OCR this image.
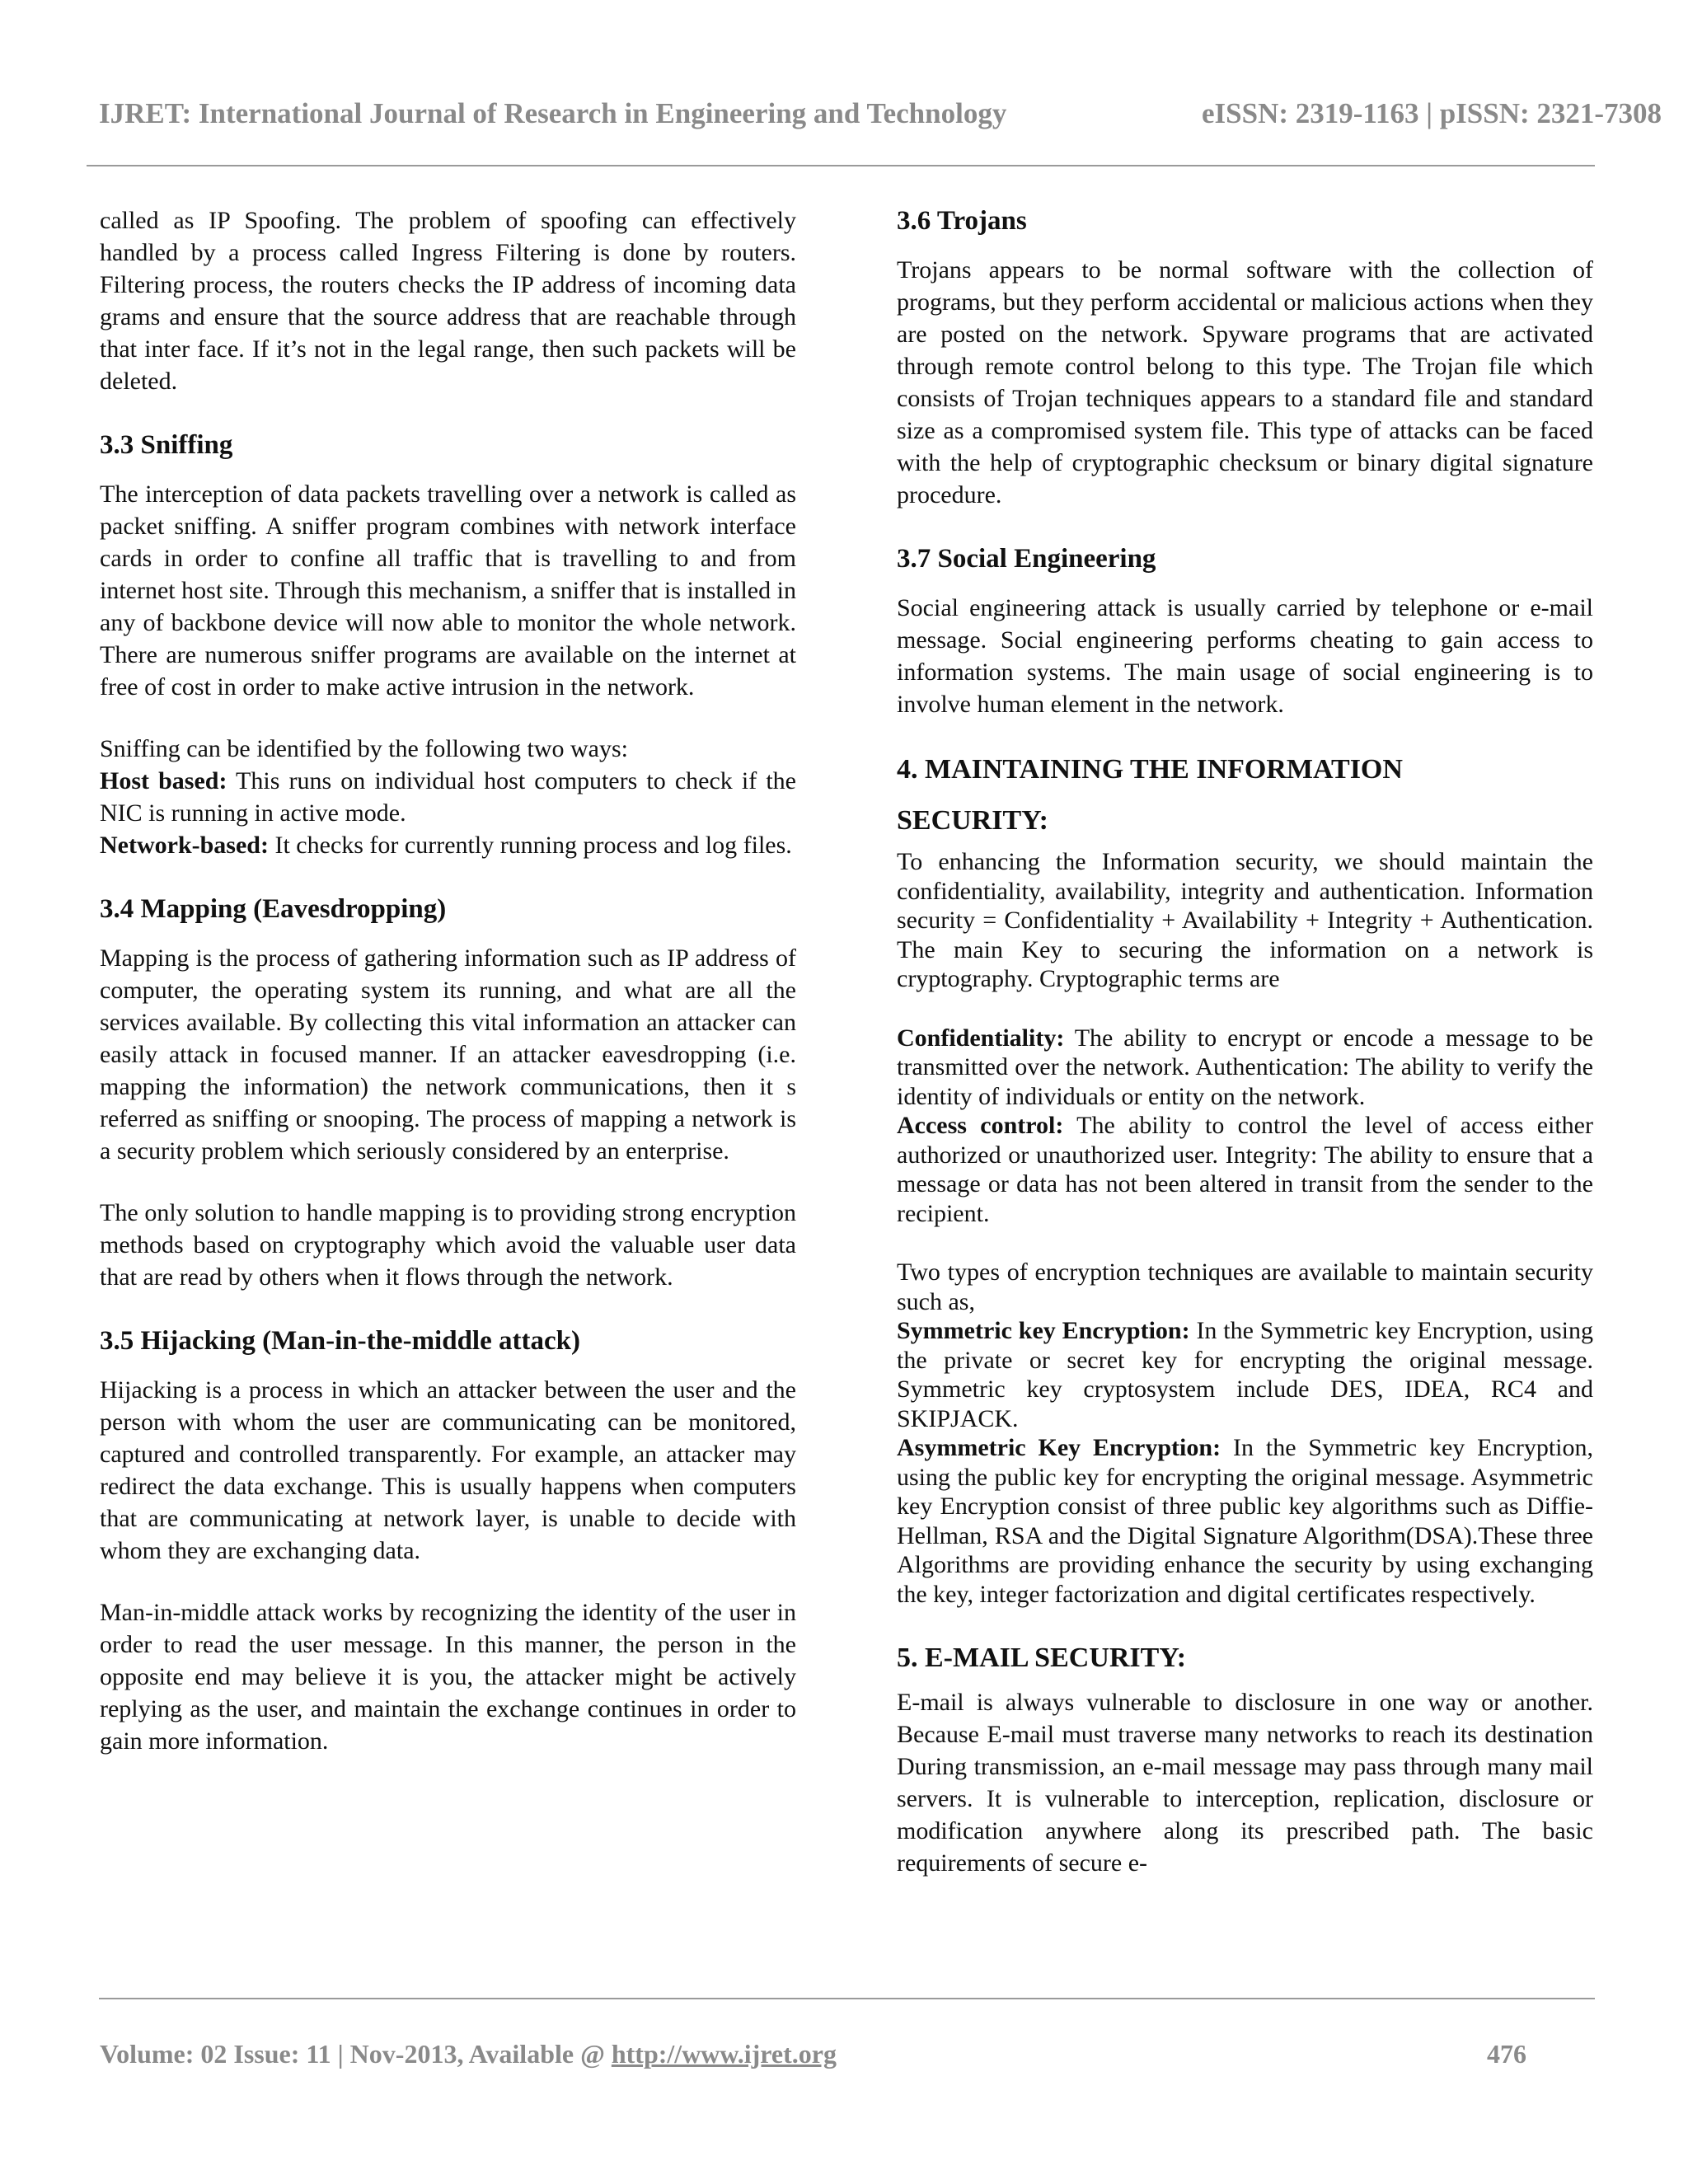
IJRET: International Journal of Research in Engineering and Technology	eISSN: 2319-1163 | pISSN: 2321-7308

called as IP Spoofing. The problem of spoofing can effectively handled by a process called Ingress Filtering is done by routers. Filtering process, the routers checks the IP address of incoming data grams and ensure that the source address that are reachable through that inter face. If it’s not in the legal range, then such packets will be deleted.

3.3 Sniffing

The interception of data packets travelling over a network is called as packet sniffing. A sniffer program combines with network interface cards in order to confine all traffic that is travelling to and from internet host site. Through this mechanism, a sniffer that is installed in any of backbone device will now able to monitor the whole network. There are numerous sniffer programs are available on the internet at free of cost in order to make active intrusion in the network.

Sniffing can be identified by the following two ways:

Host based: This runs on individual host computers to check if the NIC is running in active mode.

Network-based: It checks for currently running process and log files.

3.4 Mapping (Eavesdropping)

Mapping is the process of gathering information such as IP address of computer, the operating system its running, and what are all the services available. By collecting this vital information an attacker can easily attack in focused manner. If an attacker eavesdropping (i.e. mapping the information) the network communications, then it s referred as sniffing or snooping. The process of mapping a network is a security problem which seriously considered by an enterprise.

The only solution to handle mapping is to providing strong encryption methods based on cryptography which avoid the valuable user data that are read by others when it flows through the network.

3.5 Hijacking (Man-in-the-middle attack)

Hijacking is a process in which an attacker between the user and the person with whom the user are communicating can be monitored, captured and controlled transparently. For example, an attacker may redirect the data exchange. This is usually happens when computers that are communicating at network layer, is unable to decide with whom they are exchanging data.

Man-in-middle attack works by recognizing the identity of the user in order to read the user message. In this manner, the person in the opposite end may believe it is you, the attacker might be actively replying as the user, and maintain the exchange continues in order to gain more information.

3.6 Trojans

Trojans appears to be normal software with the collection of programs, but they perform accidental or malicious actions when they are posted on the network. Spyware programs that are activated through remote control belong to this type. The Trojan file which consists of Trojan techniques appears to a standard file and standard size as a compromised system file. This type of attacks can be faced with the help of cryptographic checksum or binary digital signature procedure.

3.7 Social Engineering

Social engineering attack is usually carried by telephone or e-mail message. Social engineering performs cheating to gain access to information systems. The main usage of social engineering is to involve human element in the network.

4. MAINTAINING THE INFORMATION
SECURITY:

To enhancing the Information security, we should maintain the confidentiality, availability, integrity and authentication. Information security = Confidentiality + Availability + Integrity + Authentication. The main Key to securing the information on a network is cryptography. Cryptographic terms are

Confidentiality: The ability to encrypt or encode a message to be transmitted over the network. Authentication: The ability to verify the identity of individuals or entity on the network.

Access control: The ability to control the level of access either authorized or unauthorized user. Integrity: The ability to ensure that a message or data has not been altered in transit from the sender to the recipient.

Two types of encryption techniques are available to maintain security such as,

Symmetric key Encryption: In the Symmetric key Encryption, using the private or secret key for encrypting the original message. Symmetric key cryptosystem include DES, IDEA, RC4 and SKIPJACK.

Asymmetric Key Encryption: In the Symmetric key Encryption, using the public key for encrypting the original message. Asymmetric key Encryption consist of three public key algorithms such as Diffie- Hellman, RSA and the Digital Signature Algorithm(DSA).These three Algorithms are providing enhance the security by using exchanging the key, integer factorization and digital certificates respectively.

5. E-MAIL SECURITY:

E-mail is always vulnerable to disclosure in one way or another. Because E-mail must traverse many networks to reach its destination During transmission, an e-mail message may pass through many mail servers. It is vulnerable to interception, replication, disclosure or modification anywhere along its prescribed path. The basic requirements of secure e-

Volume: 02 Issue: 11 | Nov-2013, Available @ http://www.ijret.org	476
